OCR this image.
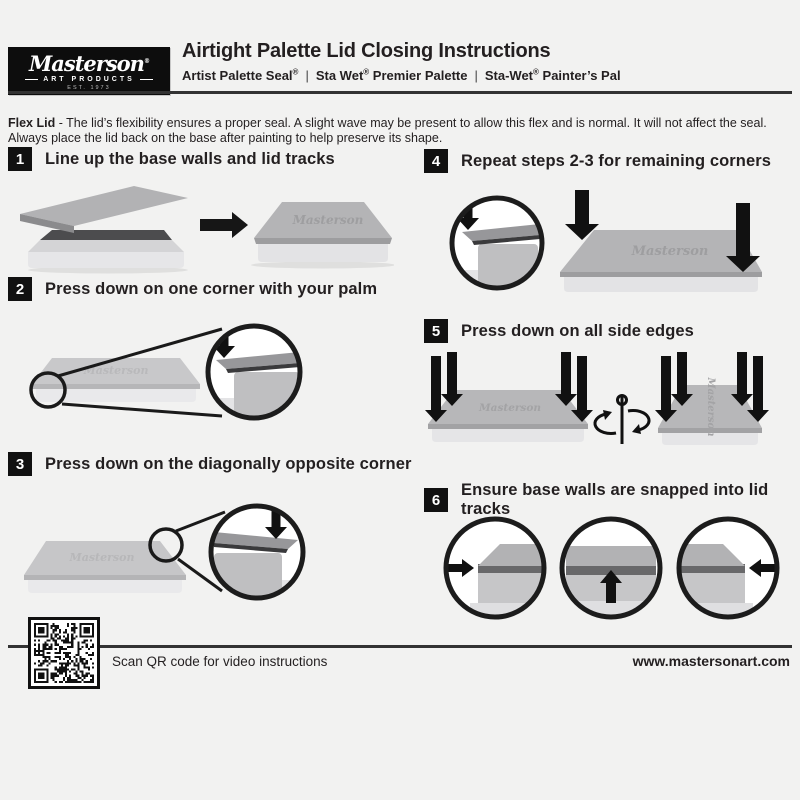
Masterson®
ART PRODUCTS
EST. 1973
Airtight Palette Lid Closing Instructions
Artist Palette Seal® | Sta Wet® Premier Palette | Sta-Wet® Painter’s Pal

Flex Lid - The lid’s flexibility ensures a proper seal. A slight wave may be present to allow this flex and is normal. It will not affect the seal. Always place the lid back on the base after painting to help preserve its shape.

1	Line up the base walls and lid tracks
2	Press down on one corner with your palm
3	Press down on the diagonally opposite corner
4	Repeat steps 2-3 for remaining corners
5	Press down on all side edges
6
Ensure base walls are snapped into lid tracks
Masterson
Masterson
Masterson
Masterson
Masterson	Masterson
Scan QR code for video instructions	www.mastersonart.com
